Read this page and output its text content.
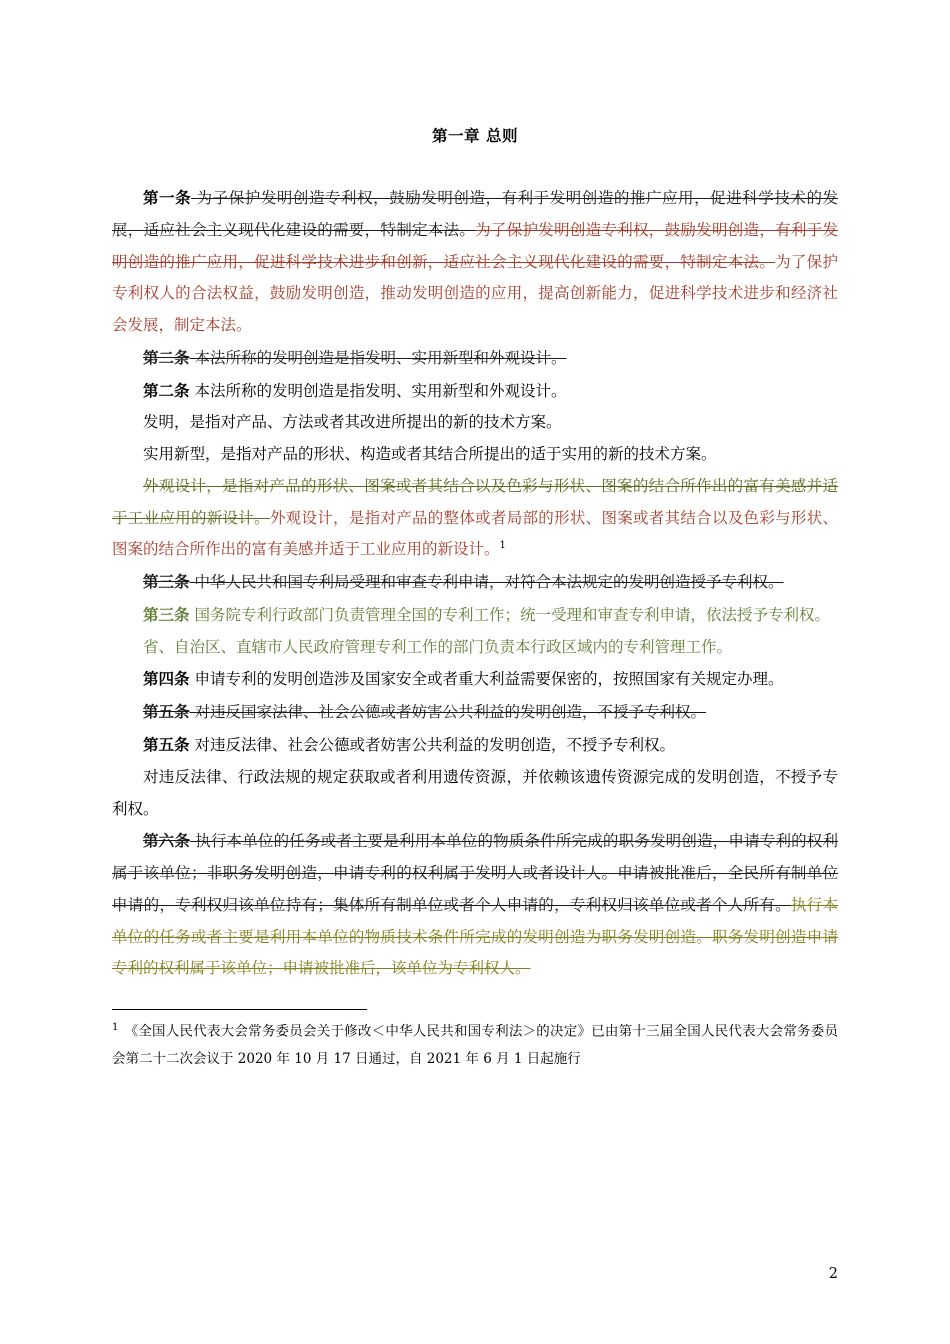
第一章 总则

第一条 为子保护发明创造专利权，鼓励发明创造，有利于发明创造的推广应用，促进科学技术的发展，适应社会主义现代化建设的需要，特制定本法。为了保护发明创造专利权，鼓励发明创造，有利于发明创造的推广应用，促进科学技术进步和创新，适应社会主义现代化建设的需要，特制定本法。为了保护专利权人的合法权益，鼓励发明创造，推动发明创造的应用，提高创新能力，促进科学技术进步和经济社会发展，制定本法。

第二条 本法所称的发明创造是指发明、实用新型和外观设计。

第二条 本法所称的发明创造是指发明、实用新型和外观设计。

发明，是指对产品、方法或者其改进所提出的新的技术方案。

实用新型，是指对产品的形状、构造或者其结合所提出的适于实用的新的技术方案。

外观设计，是指对产品的形状、图案或者其结合以及色彩与形状、图案的结合所作出的富有美感并适于工业应用的新设计。外观设计，是指对产品的整体或者局部的形状、图案或者其结合以及色彩与形状、图案的结合所作出的富有美感并适于工业应用的新设计。$^1$

第三条 中华人民共和国专利局受理和审查专利申请，对符合本法规定的发明创造授予专利权。

第三条 国务院专利行政部门负责管理全国的专利工作；统一受理和审查专利申请，依法授予专利权。

省、自治区、直辖市人民政府管理专利工作的部门负责本行政区域内的专利管理工作。

第四条 申请专利的发明创造涉及国家安全或者重大利益需要保密的，按照国家有关规定办理。

第五条 对违反国家法律、社会公德或者妨害公共利益的发明创造，不授予专利权。

第五条 对违反法律、社会公德或者妨害公共利益的发明创造，不授予专利权。

对违反法律、行政法规的规定获取或者利用遗传资源，并依赖该遗传资源完成的发明创造，不授予专利权。

第六条 执行本单位的任务或者主要是利用本单位的物质条件所完成的职务发明创造，申请专利的权利属于该单位；非职务发明创造，申请专利的权利属于发明人或者设计人。申请被批准后，全民所有制单位申请的，专利权归该单位持有；集体所有制单位或者个人申请的，专利权归该单位或者个人所有。执行本单位的任务或者主要是利用本单位的物质技术条件所完成的发明创造为职务发明创造。职务发明创造申请专利的权利属于该单位；申请被批准后，该单位为专利权人。

$^1$ 《全国人民代表大会常务委员会关于修改＜中华人民共和国专利法＞的决定》已由第十三届全国人民代表大会常务委员会第二十二次会议于 2020 年 10 月 17 日通过，自 2021 年 6 月 1 日起施行
2
